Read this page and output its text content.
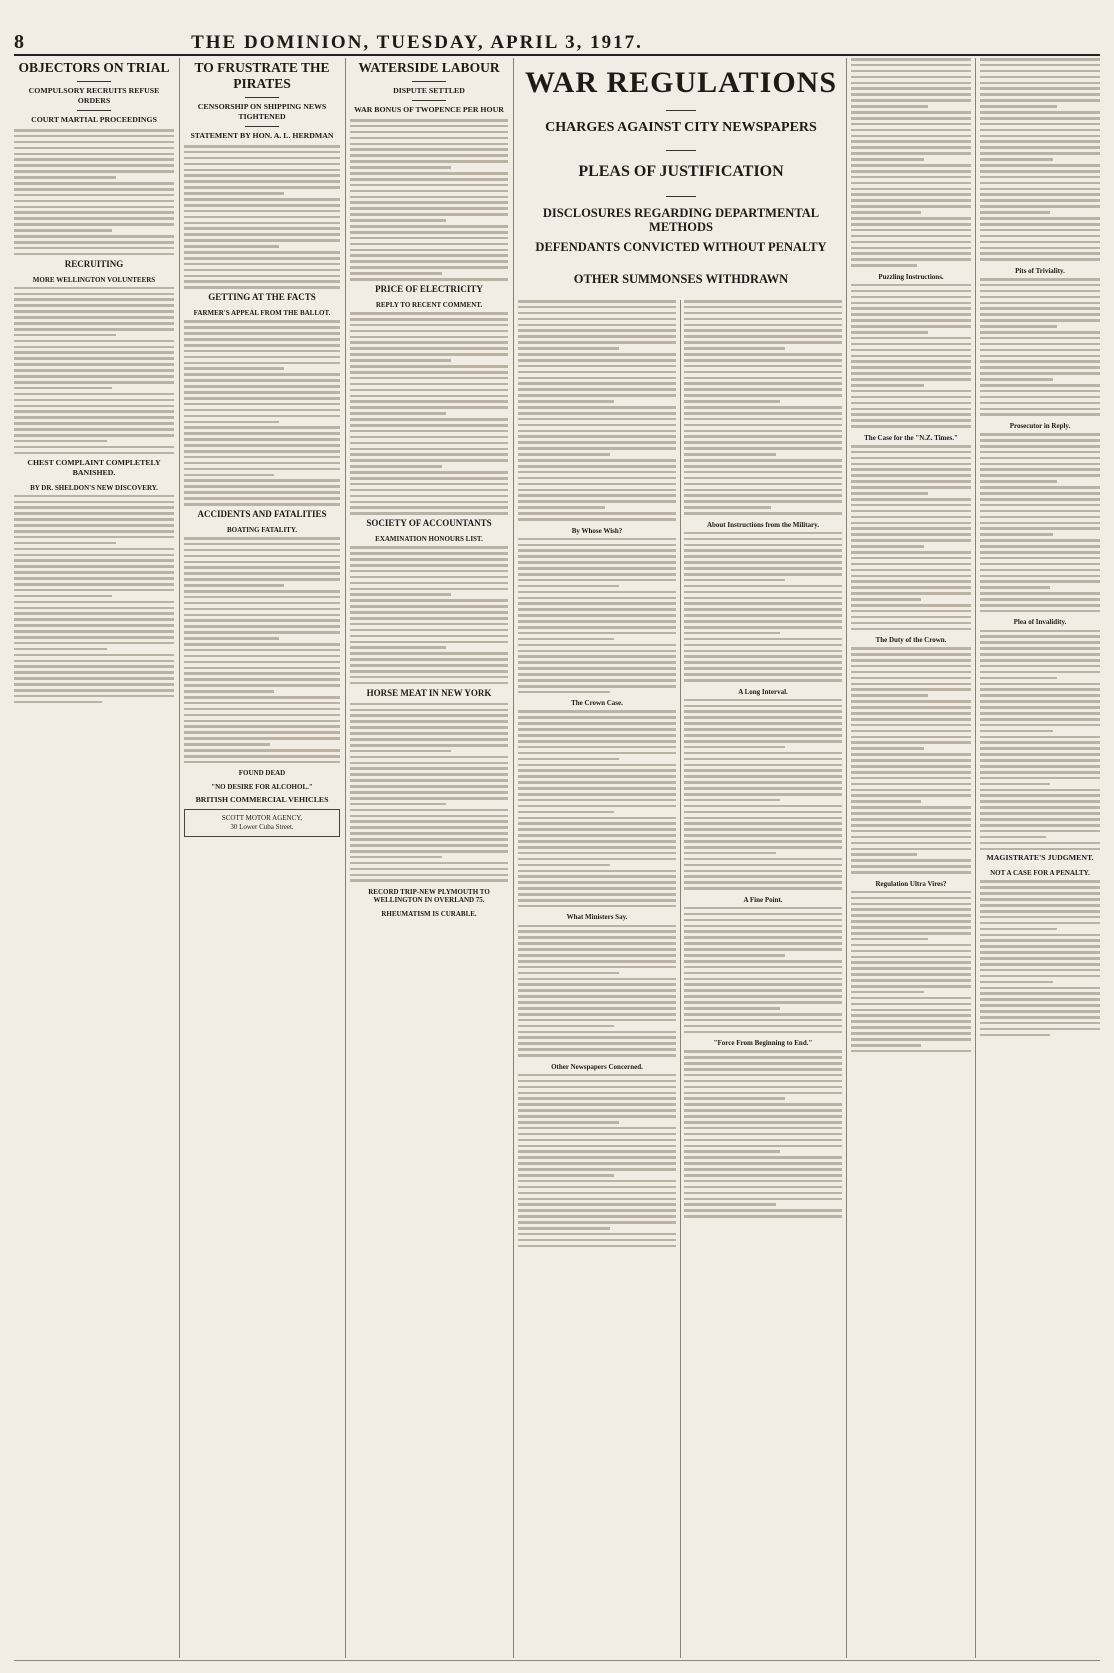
8	THE DOMINION, TUESDAY, APRIL 3, 1917.
OBJECTORS ON TRIAL
COMPULSORY RECRUITS REFUSE ORDERS
COURT MARTIAL PROCEEDINGS
RECRUITING
MORE WELLINGTON VOLUNTEERS
CHEST COMPLAINT COMPLETELY BANISHED.
BY DR. SHELDON'S NEW DISCOVERY.
TO FRUSTRATE THE PIRATES
CENSORSHIP ON SHIPPING NEWS TIGHTENED
STATEMENT BY HON. A. L. HERDMAN
GETTING AT THE FACTS
FARMER'S APPEAL FROM THE BALLOT.
ACCIDENTS AND FATALITIES
BOATING FATALITY.
FOUND DEAD
"NO DESIRE FOR ALCOHOL."
BRITISH COMMERCIAL VEHICLES
SCOTT MOTOR AGENCY,
30 Lower Cuba Street.
WATERSIDE LABOUR
DISPUTE SETTLED
WAR BONUS OF TWOPENCE PER HOUR
PRICE OF ELECTRICITY
REPLY TO RECENT COMMENT.
SOCIETY OF ACCOUNTANTS
EXAMINATION HONOURS LIST.
HORSE MEAT IN NEW YORK
RECORD TRIP-NEW PLYMOUTH TO WELLINGTON IN OVERLAND 75.
RHEUMATISM IS CURABLE.
WAR REGULATIONS
CHARGES AGAINST CITY NEWSPAPERS
PLEAS OF JUSTIFICATION
DISCLOSURES REGARDING DEPARTMENTAL METHODS
DEFENDANTS CONVICTED WITHOUT PENALTY
OTHER SUMMONSES WITHDRAWN
By Whose Wish?
The Crown Case.
What Ministers Say.
Other Newspapers Concerned.
About Instructions from the Military.
A Long Interval.
A Fine Point.
"Force From Beginning to End."
Puzzling Instructions.
The Case for the "N.Z. Times."
The Duty of the Crown.
Regulation Ultra Vires?
Pits of Triviality.
Prosecutor in Reply.
Plea of Invalidity.
MAGISTRATE'S JUDGMENT.
NOT A CASE FOR A PENALTY.
